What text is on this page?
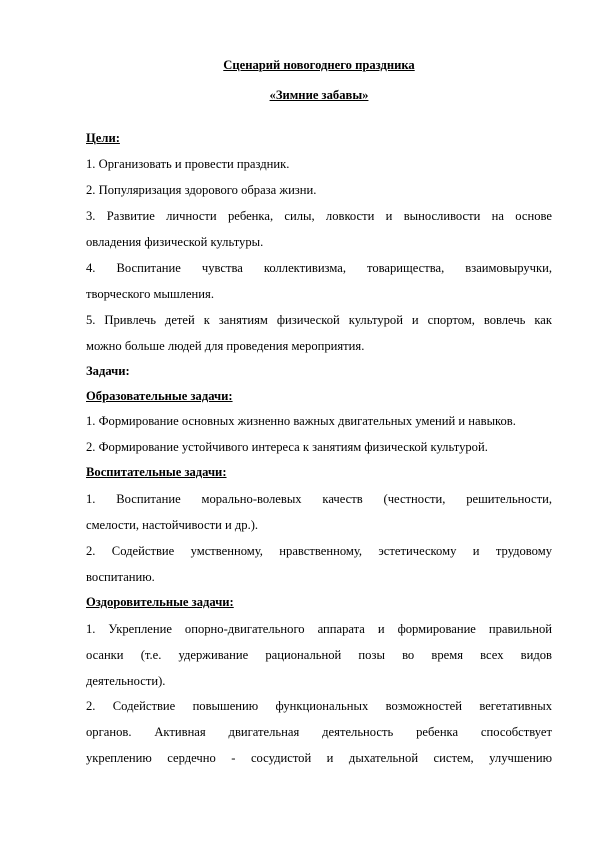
Сценарий новогоднего праздника
«Зимние забавы»
Цели:
1. Организовать и провести праздник.
2. Популяризация здорового образа жизни.
3. Развитие личности ребенка, силы, ловкости и выносливости на основе
овладения физической культуры.
4. Воспитание чувства коллективизма, товарищества, взаимовыручки,
творческого мышления.
5. Привлечь детей к занятиям физической культурой и спортом, вовлечь как
можно больше людей для проведения мероприятия.
Задачи:
Образовательные задачи:
1. Формирование основных жизненно важных двигательных умений и навыков.
2. Формирование устойчивого интереса к занятиям физической культурой.
Воспитательные задачи:
1. Воспитание морально-волевых качеств (честности, решительности,
смелости, настойчивости и др.).
2. Содействие умственному, нравственному, эстетическому и трудовому
воспитанию.
Оздоровительные задачи:
1. Укрепление опорно-двигательного аппарата и формирование правильной
осанки (т.е. удерживание рациональной позы во время всех видов
деятельности).
2. Содействие повышению функциональных возможностей вегетативных
органов. Активная двигательная деятельность ребенка способствует
укреплению сердечно - сосудистой и дыхательной систем, улучшению
